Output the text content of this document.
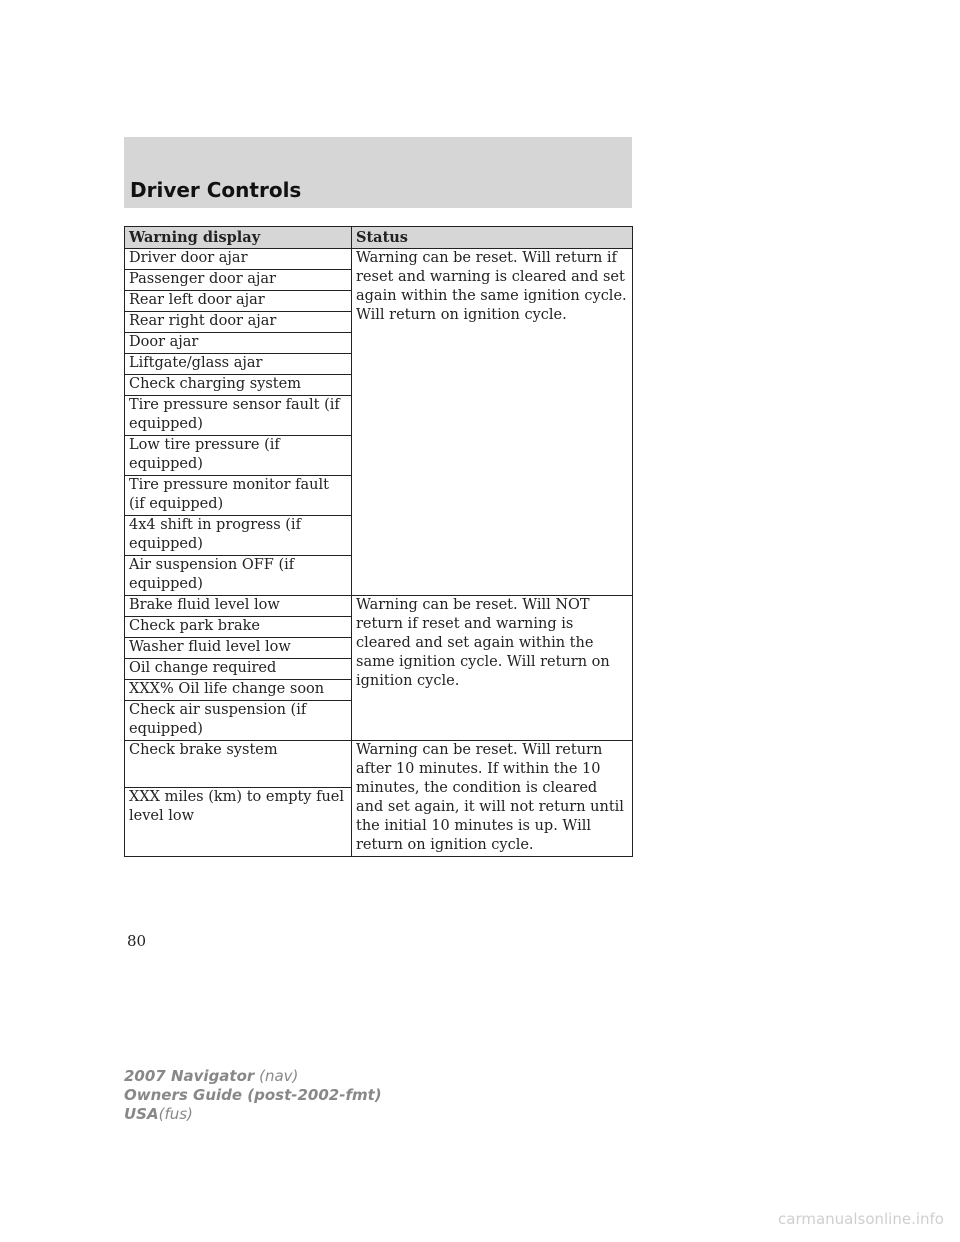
Driver Controls
Warning display	Status
Driver door ajar	Warning can be reset. Will return if reset and warning is cleared and set again within the same ignition cycle. Will return on ignition cycle.
Passenger door ajar	
Rear left door ajar	
Rear right door ajar	
Door ajar	
Liftgate/glass ajar	
Check charging system	
Tire pressure sensor fault (if equipped)	
Low tire pressure (if equipped)	
Tire pressure monitor fault (if equipped)	
4x4 shift in progress (if equipped)	
Air suspension OFF (if equipped)	
Brake fluid level low	Warning can be reset. Will NOT return if reset and warning is cleared and set again within the same ignition cycle. Will return on ignition cycle.
Check park brake	
Washer fluid level low	
Oil change required	
XXX% Oil life change soon	
Check air suspension (if equipped)	
Check brake system	Warning can be reset. Will return after 10 minutes. If within the 10 minutes, the condition is cleared and set again, it will not return until the initial 10 minutes is up. Will return on ignition cycle.
XXX miles (km) to empty fuel level low	
80
2007 Navigator (nav)
Owners Guide (post-2002-fmt)
USA(fus)
carmanualsonline.info
